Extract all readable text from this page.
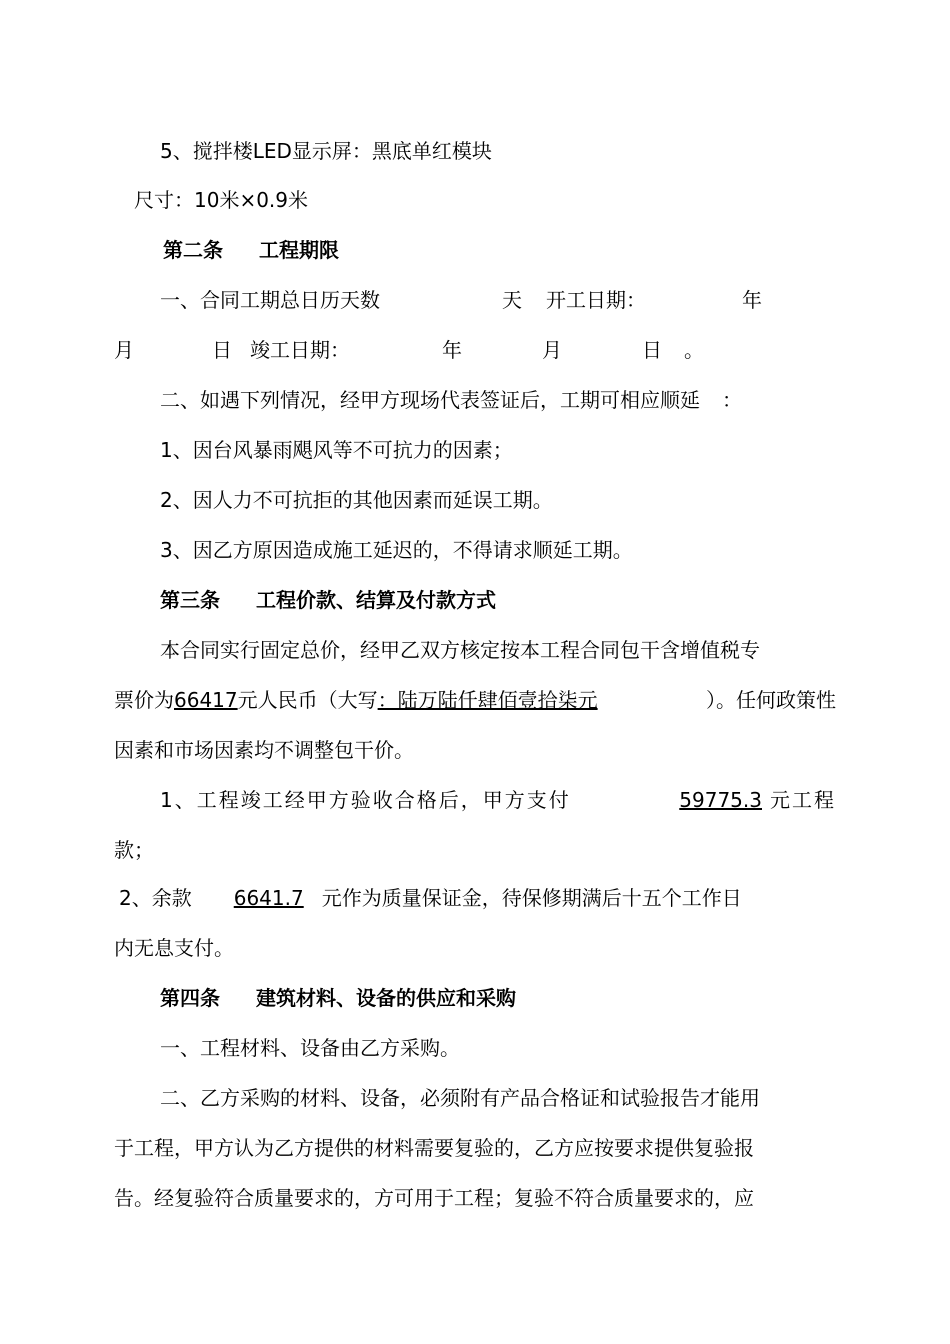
5、搅拌楼LED显示屏：黑底单红模块
尺寸：10米×0.9米
第二条 工程期限
一、合同工期总日历天数	天 开工日期：	年
月	日 竣工日期：	年	月	日 。
二、如遇下列情况，经甲方现场代表签证后，工期可相应顺延 ：
1、因台风暴雨飓风等不可抗力的因素；
2、因人力不可抗拒的其他因素而延误工期。
3、因乙方原因造成施工延迟的，不得请求顺延工期。
第三条 工程价款、结算及付款方式
本合同实行固定总价，经甲乙双方核定按本工程合同包干含增值税专
票价为66417元人民币（大写：陆万陆仟肆佰壹拾柒元	）。任何政策性
因素和市场因素均不调整包干价。
1、工程竣工经甲方验收合格后，甲方支付	59775.3 元工程
款；
2、余款 6641.7 元作为质量保证金，待保修期满后十五个工作日
内无息支付。
第四条 建筑材料、设备的供应和采购
一、工程材料、设备由乙方采购。
二、乙方采购的材料、设备，必须附有产品合格证和试验报告才能用
于工程，甲方认为乙方提供的材料需要复验的，乙方应按要求提供复验报
告。经复验符合质量要求的，方可用于工程；复验不符合质量要求的，应
